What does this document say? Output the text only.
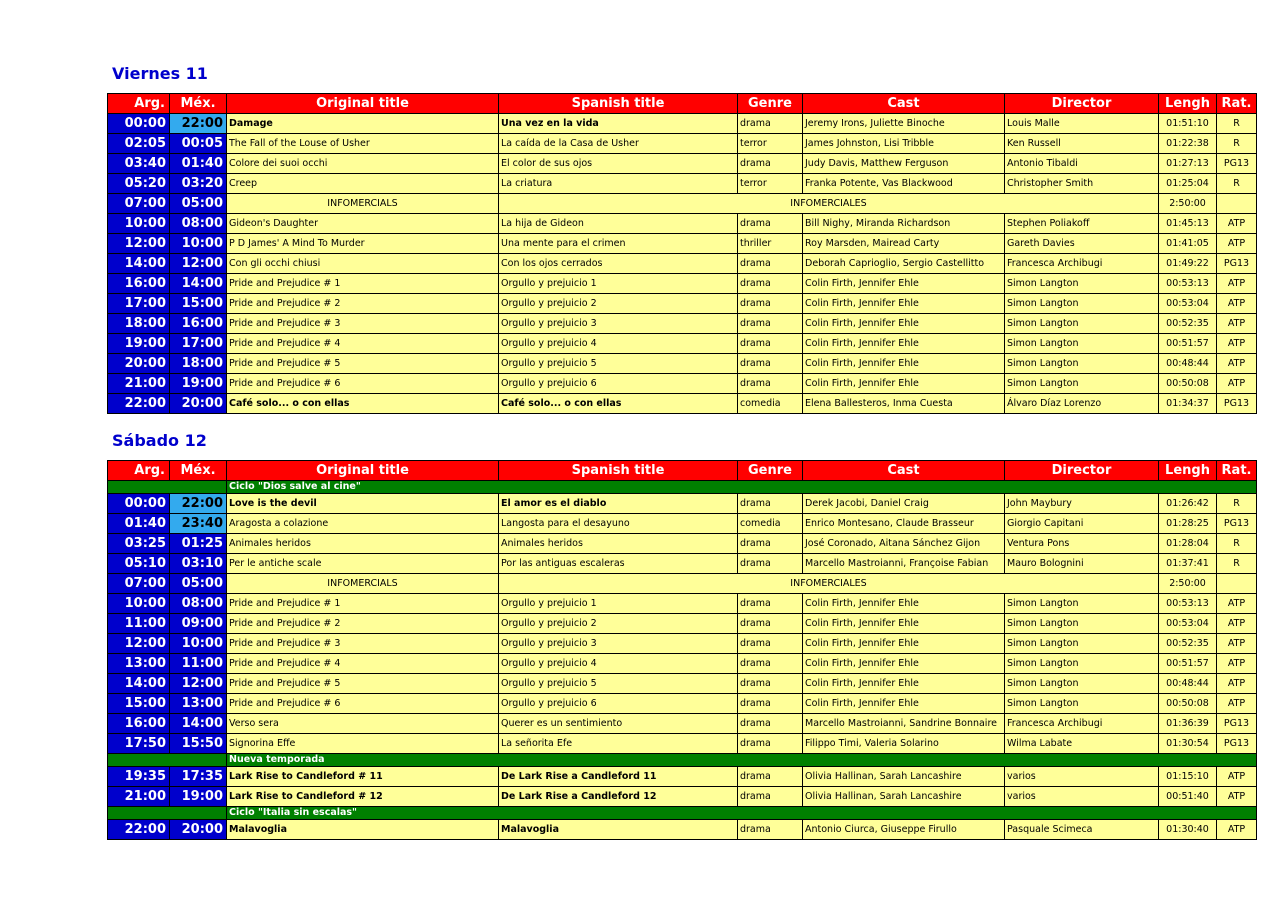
Viernes 11
Arg.	Méx.	Original title	Spanish title	Genre	Cast	Director	Lengh	Rat.
00:00	22:00	Damage	Una vez en la vida	drama	Jeremy Irons, Juliette Binoche	Louis Malle	01:51:10	R
02:05	00:05	The Fall of the Louse of Usher	La caída de la Casa de Usher	terror	James Johnston, Lisi Tribble	Ken Russell	01:22:38	R
03:40	01:40	Colore dei suoi occhi	El color de sus ojos	drama	Judy Davis, Matthew Ferguson	Antonio Tibaldi	01:27:13	PG13
05:20	03:20	Creep	La criatura	terror	Franka Potente, Vas Blackwood	Christopher Smith	01:25:04	R
07:00	05:00	INFOMERCIALS	INFOMERCIALES				2:50:00	
10:00	08:00	Gideon's Daughter	La hija de Gideon	drama	Bill Nighy, Miranda Richardson	Stephen Poliakoff	01:45:13	ATP
12:00	10:00	P D James' A Mind To Murder	Una mente para el crimen	thriller	Roy Marsden, Mairead Carty	Gareth Davies	01:41:05	ATP
14:00	12:00	Con gli occhi chiusi	Con los ojos cerrados	drama	Deborah Caprioglio, Sergio Castellitto	Francesca Archibugi	01:49:22	PG13
16:00	14:00	Pride and Prejudice # 1	Orgullo y prejuicio 1	drama	Colin Firth, Jennifer Ehle	Simon Langton	00:53:13	ATP
17:00	15:00	Pride and Prejudice # 2	Orgullo y prejuicio 2	drama	Colin Firth, Jennifer Ehle	Simon Langton	00:53:04	ATP
18:00	16:00	Pride and Prejudice # 3	Orgullo y prejuicio 3	drama	Colin Firth, Jennifer Ehle	Simon Langton	00:52:35	ATP
19:00	17:00	Pride and Prejudice # 4	Orgullo y prejuicio 4	drama	Colin Firth, Jennifer Ehle	Simon Langton	00:51:57	ATP
20:00	18:00	Pride and Prejudice # 5	Orgullo y prejuicio 5	drama	Colin Firth, Jennifer Ehle	Simon Langton	00:48:44	ATP
21:00	19:00	Pride and Prejudice # 6	Orgullo y prejuicio 6	drama	Colin Firth, Jennifer Ehle	Simon Langton	00:50:08	ATP
22:00	20:00	Café solo... o con ellas	Café solo... o con ellas	comedia	Elena Ballesteros, Inma Cuesta	Álvaro Díaz Lorenzo	01:34:37	PG13
Sábado 12
Arg.	Méx.	Original title	Spanish title	Genre	Cast	Director	Lengh	Rat.
		Ciclo "Dios salve al cine"						
00:00	22:00	Love is the devil	El amor es el diablo	drama	Derek Jacobi, Daniel Craig	John Maybury	01:26:42	R
01:40	23:40	Aragosta a colazione	Langosta para el desayuno	comedia	Enrico Montesano, Claude Brasseur	Giorgio Capitani	01:28:25	PG13
03:25	01:25	Animales heridos	Animales heridos	drama	José Coronado, Aitana Sánchez Gijon	Ventura Pons	01:28:04	R
05:10	03:10	Per le antiche scale	Por las antiguas escaleras	drama	Marcello Mastroianni, Françoise Fabian	Mauro Bolognini	01:37:41	R
07:00	05:00	INFOMERCIALS	INFOMERCIALES				2:50:00	
10:00	08:00	Pride and Prejudice # 1	Orgullo y prejuicio 1	drama	Colin Firth, Jennifer Ehle	Simon Langton	00:53:13	ATP
11:00	09:00	Pride and Prejudice # 2	Orgullo y prejuicio 2	drama	Colin Firth, Jennifer Ehle	Simon Langton	00:53:04	ATP
12:00	10:00	Pride and Prejudice # 3	Orgullo y prejuicio 3	drama	Colin Firth, Jennifer Ehle	Simon Langton	00:52:35	ATP
13:00	11:00	Pride and Prejudice # 4	Orgullo y prejuicio 4	drama	Colin Firth, Jennifer Ehle	Simon Langton	00:51:57	ATP
14:00	12:00	Pride and Prejudice # 5	Orgullo y prejuicio 5	drama	Colin Firth, Jennifer Ehle	Simon Langton	00:48:44	ATP
15:00	13:00	Pride and Prejudice # 6	Orgullo y prejuicio 6	drama	Colin Firth, Jennifer Ehle	Simon Langton	00:50:08	ATP
16:00	14:00	Verso sera	Querer es un sentimiento	drama	Marcello Mastroianni, Sandrine Bonnaire	Francesca Archibugi	01:36:39	PG13
17:50	15:50	Signorina Effe	La señorita Efe	drama	Filippo Timi, Valeria Solarino	Wilma Labate	01:30:54	PG13
		Nueva temporada						
19:35	17:35	Lark Rise to Candleford # 11	De Lark Rise a Candleford 11	drama	Olivia Hallinan, Sarah Lancashire	varios	01:15:10	ATP
21:00	19:00	Lark Rise to Candleford # 12	De Lark Rise a Candleford 12	drama	Olivia Hallinan, Sarah Lancashire	varios	00:51:40	ATP
		Ciclo "Italia sin escalas"						
22:00	20:00	Malavoglia	Malavoglia	drama	Antonio Ciurca, Giuseppe Firullo	Pasquale Scimeca	01:30:40	ATP
